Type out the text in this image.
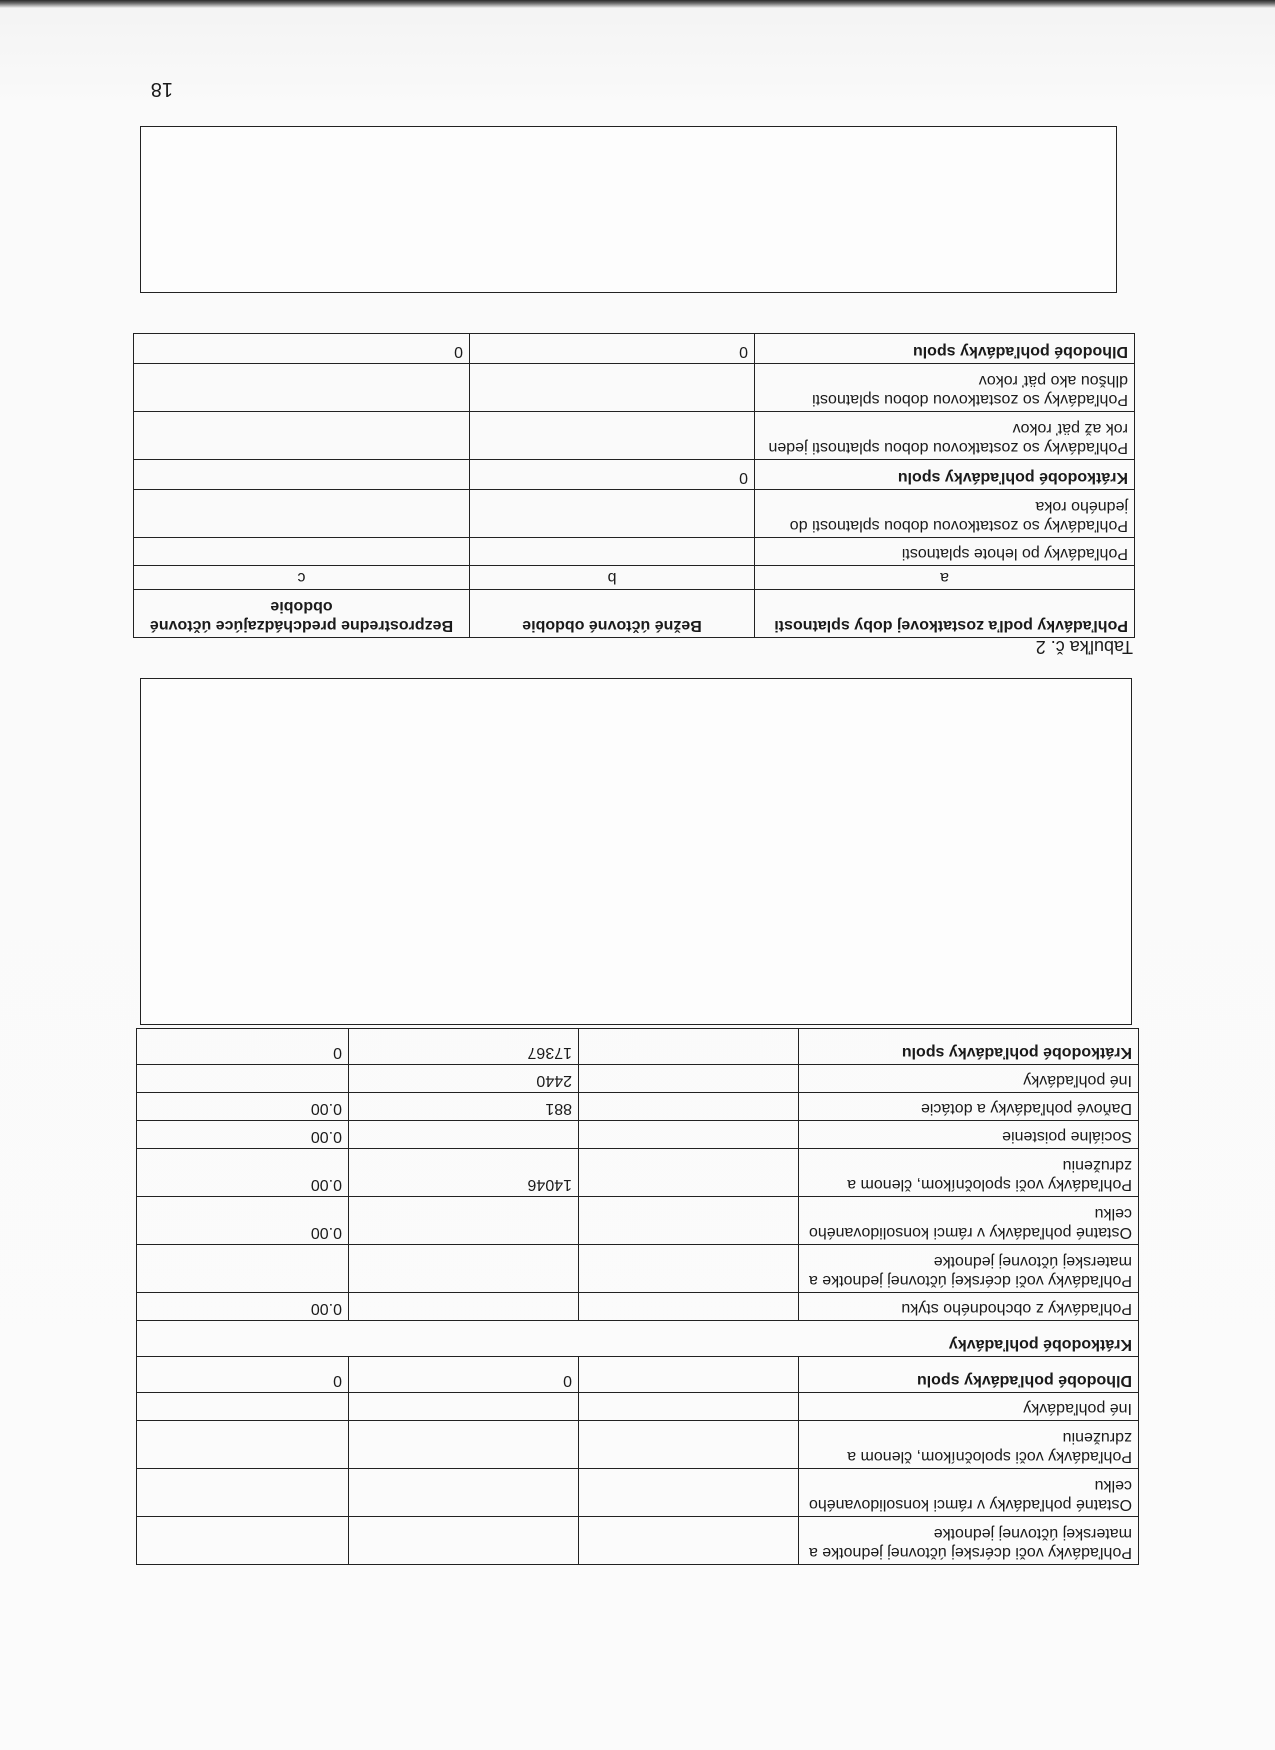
Pohľadávky voči dcérskej účtovnej jednotke a materskej účtovnej jednotke			
Ostatné pohľadávky v rámci konsolidovaného celku			
Pohľadávky voči spoločníkom, členom a združeniu			
Iné pohľadávky			
Dlhodobé pohľadávky spolu		0	0
Krátkodobé pohľadávky			
Pohľadávky z obchodného styku			0.00
Pohľadávky voči dcérskej účtovnej jednotke a materskej účtovnej jednotke			
Ostatné pohľadávky v rámci konsolidovaného celku			0.00
Pohľadávky voči spoločníkom, členom a združeniu		14046	0.00
Sociálne poistenie			0.00
Daňové pohľadávky a dotácie		881	0.00
Iné pohľadávky		2440	
Krátkodobé pohľadávky spolu		17367	0
Tabuľka č. 2
Pohľadávky podľa zostatkovej doby splatnosti	Bežné účtovné obdobie	Bezprostredne predchádzajúce účtovné obdobie
a	b	c
Pohľadávky po lehote splatnosti		
Pohľadávky so zostatkovou dobou splatnosti do jedného roka		
Krátkodobé pohľadávky spolu	0	
Pohľadávky so zostatkovou dobou splatnosti jeden rok až päť rokov		
Pohľadávky so zostatkovou dobou splatnosti dlhšou ako päť rokov		
Dlhodobé pohľadávky spolu	0	0
18
